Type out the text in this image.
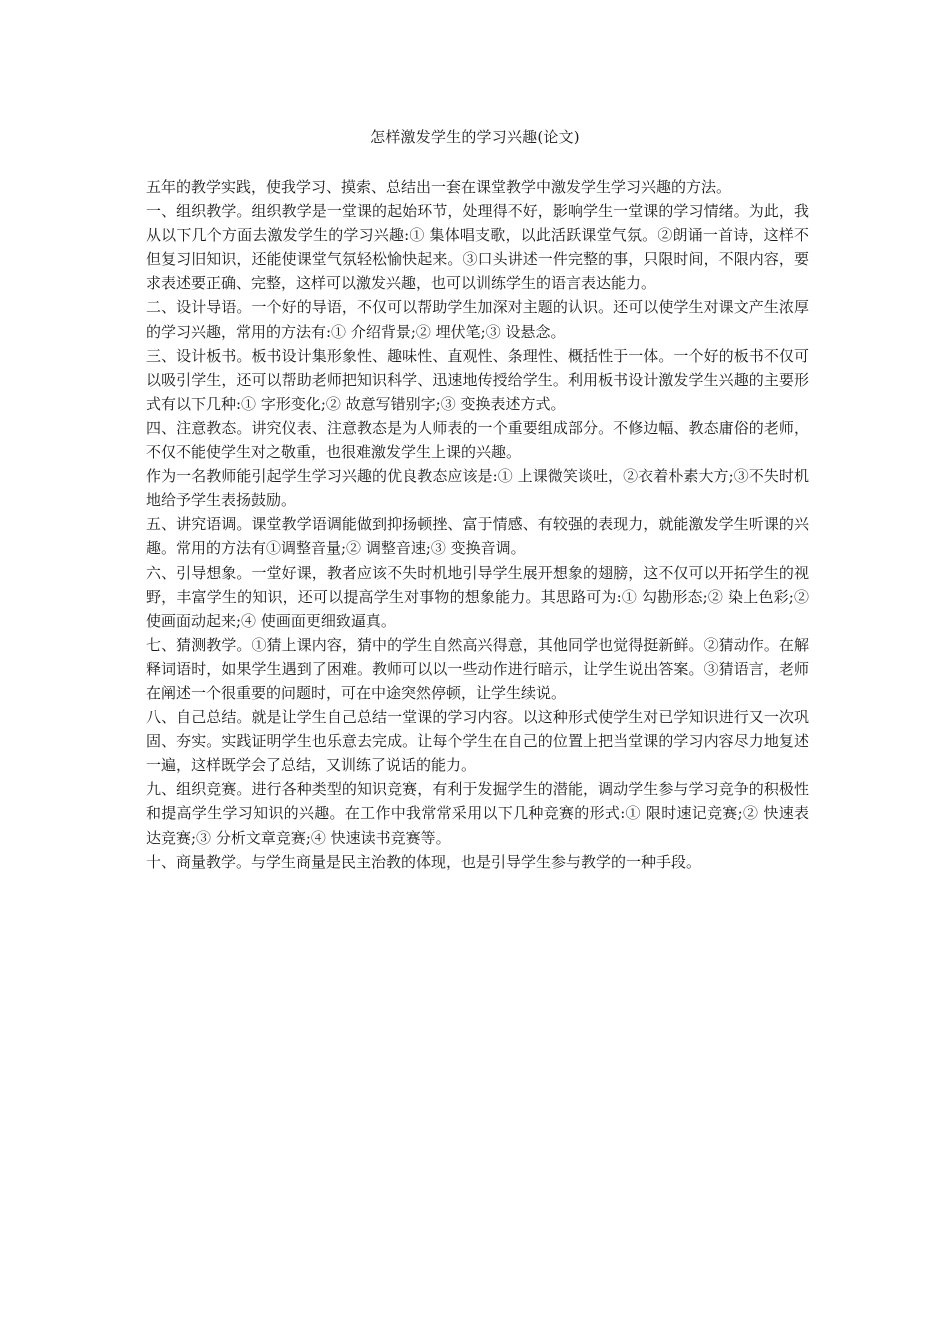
怎样激发学生的学习兴趣(论文)

五年的教学实践，使我学习、摸索、总结出一套在课堂教学中激发学生学习兴趣的方法。

一、组织教学。组织教学是一堂课的起始环节，处理得不好，影响学生一堂课的学习情绪。为此，我从以下几个方面去激发学生的学习兴趣:① 集体唱支歌，以此活跃课堂气氛。②朗诵一首诗，这样不但复习旧知识，还能使课堂气氛轻松愉快起来。③口头讲述一件完整的事，只限时间，不限内容，要求表述要正确、完整，这样可以激发兴趣，也可以训练学生的语言表达能力。

二、设计导语。一个好的导语，不仅可以帮助学生加深对主题的认识。还可以使学生对课文产生浓厚的学习兴趣，常用的方法有:① 介绍背景;② 埋伏笔;③ 设悬念。

三、设计板书。板书设计集形象性、趣味性、直观性、条理性、概括性于一体。一个好的板书不仅可以吸引学生，还可以帮助老师把知识科学、迅速地传授给学生。利用板书设计激发学生兴趣的主要形式有以下几种:① 字形变化;② 故意写错别字;③ 变换表述方式。

四、注意教态。讲究仪表、注意教态是为人师表的一个重要组成部分。不修边幅、教态庸俗的老师，不仅不能使学生对之敬重，也很难激发学生上课的兴趣。

作为一名教师能引起学生学习兴趣的优良教态应该是:① 上课微笑谈吐，②衣着朴素大方;③不失时机地给予学生表扬鼓励。

五、讲究语调。课堂教学语调能做到抑扬顿挫、富于情感、有较强的表现力，就能激发学生听课的兴趣。常用的方法有①调整音量;② 调整音速;③ 变换音调。

六、引导想象。一堂好课，教者应该不失时机地引导学生展开想象的翅膀，这不仅可以开拓学生的视野，丰富学生的知识，还可以提高学生对事物的想象能力。其思路可为:① 勾勘形态;② 染上色彩;② 使画面动起来;④ 使画面更细致逼真。

七、猜测教学。①猜上课内容，猜中的学生自然高兴得意，其他同学也觉得挺新鲜。②猜动作。在解释词语时，如果学生遇到了困难。教师可以以一些动作进行暗示，让学生说出答案。③猜语言，老师在阐述一个很重要的问题时，可在中途突然停顿，让学生续说。

八、自己总结。就是让学生自己总结一堂课的学习内容。以这种形式使学生对已学知识进行又一次巩固、夯实。实践证明学生也乐意去完成。让每个学生在自己的位置上把当堂课的学习内容尽力地复述一遍，这样既学会了总结，又训练了说话的能力。

九、组织竞赛。进行各种类型的知识竞赛，有利于发掘学生的潜能，调动学生参与学习竞争的积极性和提高学生学习知识的兴趣。在工作中我常常采用以下几种竞赛的形式:① 限时速记竞赛;② 快速表达竞赛;③ 分析文章竞赛;④ 快速读书竞赛等。

十、商量教学。与学生商量是民主治教的体现，也是引导学生参与教学的一种手段。
